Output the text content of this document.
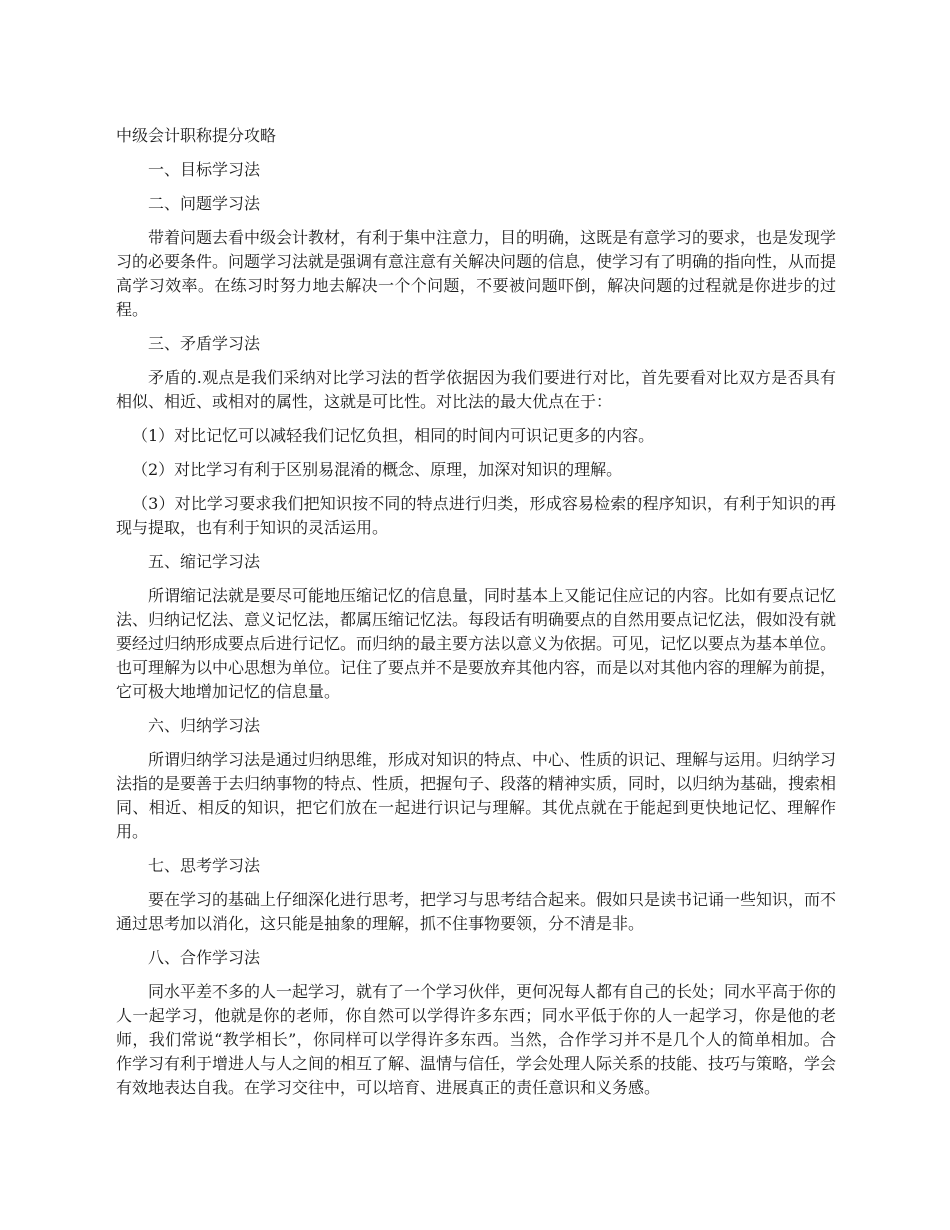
中级会计职称提分攻略

一、目标学习法

二、问题学习法

带着问题去看中级会计教材，有利于集中注意力，目的明确，这既是有意学习的要求，也是发现学习的必要条件。问题学习法就是强调有意注意有关解决问题的信息，使学习有了明确的指向性，从而提高学习效率。在练习时努力地去解决一个个问题，不要被问题吓倒，解决问题的过程就是你进步的过程。

三、矛盾学习法

矛盾的.观点是我们采纳对比学习法的哲学依据因为我们要进行对比，首先要看对比双方是否具有相似、相近、或相对的属性，这就是可比性。对比法的最大优点在于：

（1）对比记忆可以减轻我们记忆负担，相同的时间内可识记更多的内容。

（2）对比学习有利于区别易混淆的概念、原理，加深对知识的理解。

（3）对比学习要求我们把知识按不同的特点进行归类，形成容易检索的程序知识，有利于知识的再现与提取，也有利于知识的灵活运用。

五、缩记学习法

所谓缩记法就是要尽可能地压缩记忆的信息量，同时基本上又能记住应记的内容。比如有要点记忆法、归纳记忆法、意义记忆法，都属压缩记忆法。每段话有明确要点的自然用要点记忆法，假如没有就要经过归纳形成要点后进行记忆。而归纳的最主要方法以意义为依据。可见，记忆以要点为基本单位。也可理解为以中心思想为单位。记住了要点并不是要放弃其他内容，而是以对其他内容的理解为前提，它可极大地增加记忆的信息量。

六、归纳学习法

所谓归纳学习法是通过归纳思维，形成对知识的特点、中心、性质的识记、理解与运用。归纳学习法指的是要善于去归纳事物的特点、性质，把握句子、段落的精神实质，同时，以归纳为基础，搜索相同、相近、相反的知识，把它们放在一起进行识记与理解。其优点就在于能起到更快地记忆、理解作用。

七、思考学习法

要在学习的基础上仔细深化进行思考，把学习与思考结合起来。假如只是读书记诵一些知识，而不通过思考加以消化，这只能是抽象的理解，抓不住事物要领，分不清是非。

八、合作学习法

同水平差不多的人一起学习，就有了一个学习伙伴，更何况每人都有自己的长处；同水平高于你的人一起学习，他就是你的老师，你自然可以学得许多东西；同水平低于你的人一起学习，你是他的老师，我们常说“教学相长”，你同样可以学得许多东西。当然，合作学习并不是几个人的简单相加。合作学习有利于增进人与人之间的相互了解、温情与信任，学会处理人际关系的技能、技巧与策略，学会有效地表达自我。在学习交往中，可以培育、进展真正的责任意识和义务感。
